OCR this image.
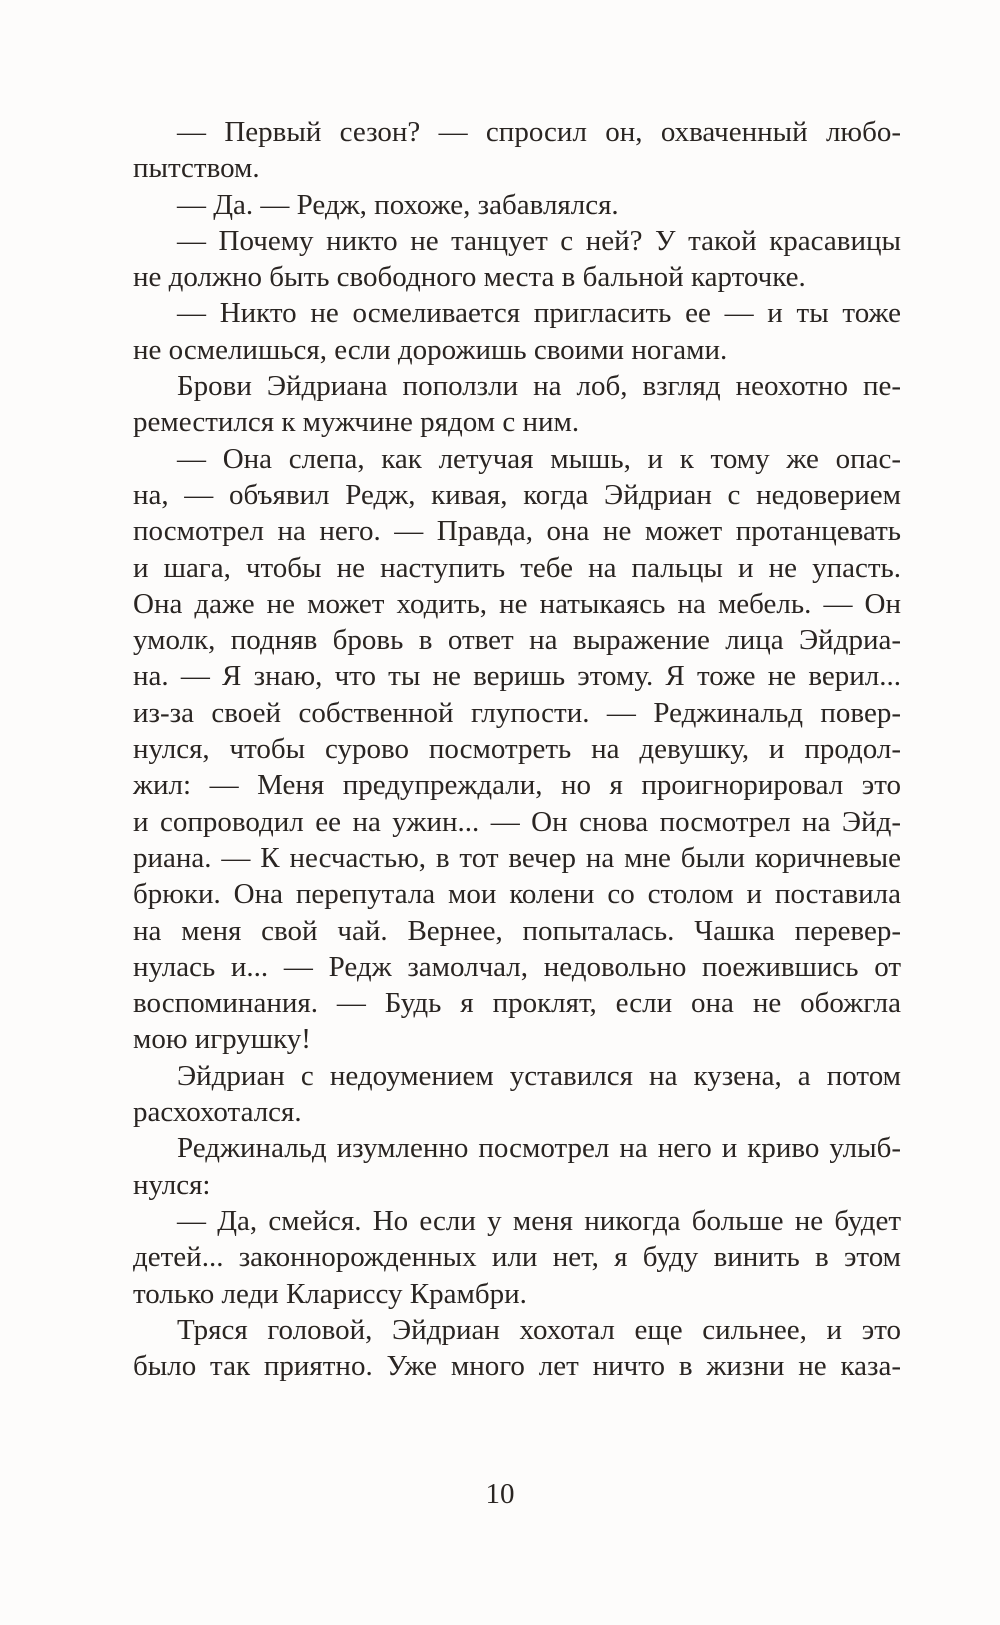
— Первый сезон? — спросил он, охваченный любо-
пытством.
— Да. — Редж, похоже, забавлялся.
— Почему никто не танцует с ней? У такой красавицы
не должно быть свободного места в бальной карточке.
— Никто не осмеливается пригласить ее — и ты тоже
не осмелишься, если дорожишь своими ногами.
Брови Эйдриана поползли на лоб, взгляд неохотно пе-
реместился к мужчине рядом с ним.
— Она слепа, как летучая мышь, и к тому же опас-
на, — объявил Редж, кивая, когда Эйдриан с недоверием
посмотрел на него. — Правда, она не может протанцевать
и шага, чтобы не наступить тебе на пальцы и не упасть.
Она даже не может ходить, не натыкаясь на мебель. — Он
умолк, подняв бровь в ответ на выражение лица Эйдриа-
на. — Я знаю, что ты не веришь этому. Я тоже не верил...
из-за своей собственной глупости. — Реджинальд повер-
нулся, чтобы сурово посмотреть на девушку, и продол-
жил: — Меня предупреждали, но я проигнорировал это
и сопроводил ее на ужин... — Он снова посмотрел на Эйд-
риана. — К несчастью, в тот вечер на мне были коричневые
брюки. Она перепутала мои колени со столом и поставила
на меня свой чай. Вернее, попыталась. Чашка перевер-
нулась и... — Редж замолчал, недовольно поежившись от
воспоминания. — Будь я проклят, если она не обожгла
мою игрушку!
Эйдриан с недоумением уставился на кузена, а потом
расхохотался.
Реджинальд изумленно посмотрел на него и криво улыб-
нулся:
— Да, смейся. Но если у меня никогда больше не будет
детей... законнорожденных или нет, я буду винить в этом
только леди Клариссу Крамбри.
Тряся головой, Эйдриан хохотал еще сильнее, и это
было так приятно. Уже много лет ничто в жизни не каза-
10
